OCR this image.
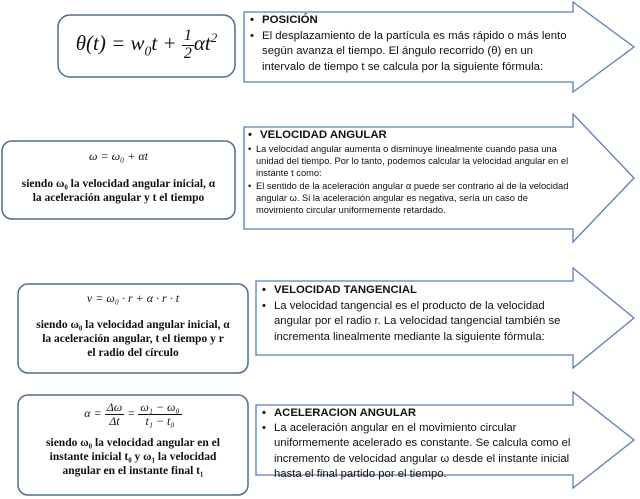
$\theta(t) = w_0t + \frac{1}{2} \alpha t^2$
ω = ω₀ + αt
siendo ω₀ la velocidad angular inicial, α
la aceleración angular y t el tiempo
v = ω₀ · r + α · r · t
siendo ω₀ la velocidad angular inicial, α
la aceleración angular, t el tiempo y r
el radio del círculo
$\alpha = \frac{\Delta\omega}{\Delta t} = \frac{\text{ω₁ − ω₀}}{\text{t₁ − t₀}}$
siendo ω₀ la velocidad angular en el
instante inicial t₀ y ω₁ la velocidad
angular en el instante final t₁
• POSICIÓN
• El desplazamiento de la partícula es más rápido o más lento según avanza el tiempo. El ángulo recorrido (θ) en un intervalo de tiempo t se calcula por la siguiente fórmula:
• VELOCIDAD ANGULAR
• La velocidad angular aumenta o disminuye linealmente cuando pasa una unidad del tiempo. Por lo tanto, podemos calcular la velocidad angular en el instante t como:
• El sentido de la aceleración angular α puede ser contrario al de la velocidad angular ω. Si la aceleración angular es negativa, sería un caso de movimiento circular uniformemente retardado.
• VELOCIDAD TANGENCIAL
• La velocidad tangencial es el producto de la velocidad angular por el radio r. La velocidad tangencial también se incrementa linealmente mediante la siguiente fórmula:
• ACELERACION ANGULAR
• La aceleración angular en el movimiento circular uniformemente acelerado es constante. Se calcula como el incremento de velocidad angular ω desde el instante inicial hasta el final partido por el tiempo.
